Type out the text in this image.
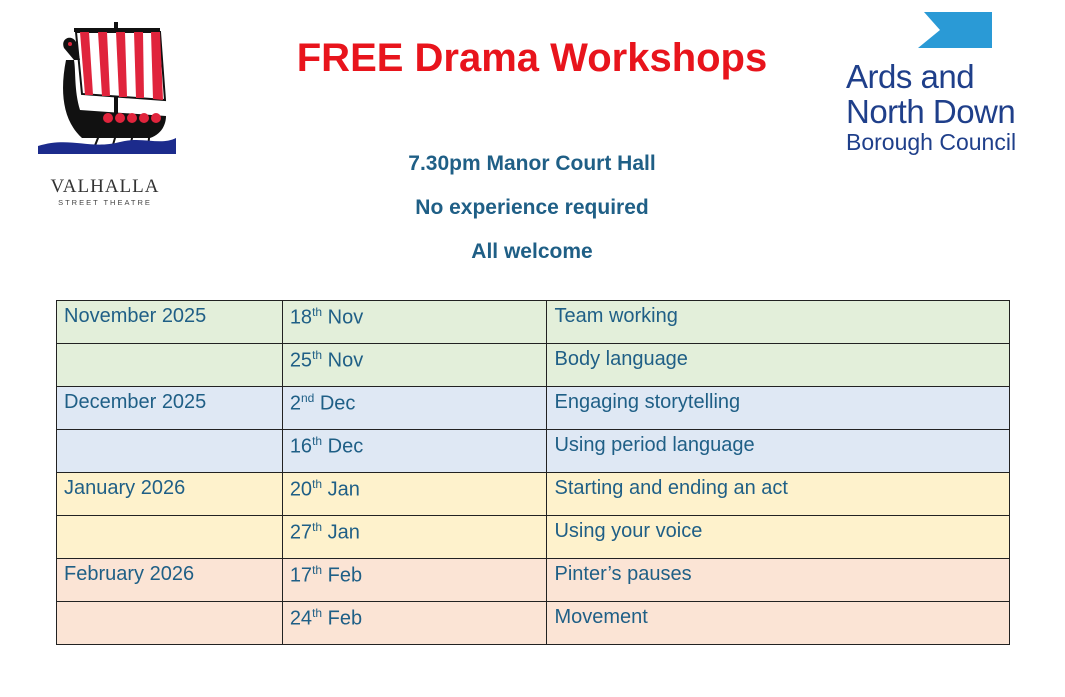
VALHALLA
STREET THEATRE
FREE Drama Workshops	Ards and
North Down
Borough Council
7.30pm Manor Court Hall
No experience required
All welcome
November 2025	18th Nov	Team working
	25th Nov	Body language
December 2025	2nd Dec	Engaging storytelling
	16th Dec	Using period language
January 2026	20th Jan	Starting and ending an act
	27th Jan	Using your voice
February 2026	17th Feb	Pinter’s pauses
	24th Feb	Movement
